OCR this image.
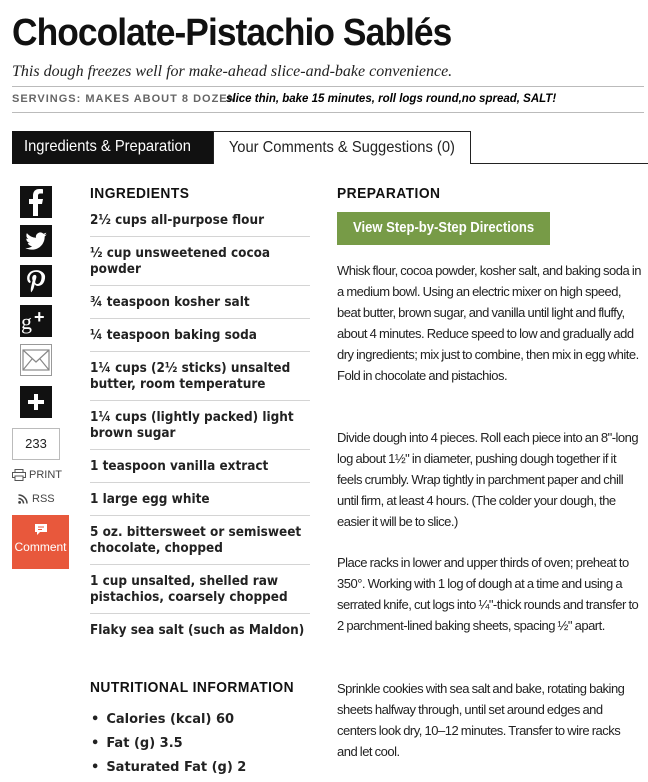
Chocolate-Pistachio Sablés
This dough freezes well for make-ahead slice-and-bake convenience.
SERVINGS: MAKES ABOUT 8 DOZEN
slice thin, bake 15 minutes, roll logs round,no spread, SALT!
Ingredients & Preparation	Your Comments & Suggestions (0)
g +
233
PRINT
RSS
Comment
INGREDIENTS
2½ cups all-purpose flour
½ cup unsweetened cocoa powder
¾ teaspoon kosher salt
¼ teaspoon baking soda
1¼ cups (2½ sticks) unsalted butter, room temperature
1¼ cups (lightly packed) light brown sugar
1 teaspoon vanilla extract
1 large egg white
5 oz. bittersweet or semisweet chocolate, chopped
1 cup unsalted, shelled raw pistachios, coarsely chopped
Flaky sea salt (such as Maldon)
NUTRITIONAL INFORMATION
• Calories (kcal) 60
• Fat (g) 3.5
• Saturated Fat (g) 2
PREPARATION
View Step-by-Step Directions

Whisk flour, cocoa powder, kosher salt, and baking soda in a medium bowl. Using an electric mixer on high speed, beat butter, brown sugar, and vanilla until light and fluffy, about 4 minutes. Reduce speed to low and gradually add dry ingredients; mix just to combine, then mix in egg white. Fold in chocolate and pistachios.

Divide dough into 4 pieces. Roll each piece into an 8"-long log about 1½" in diameter, pushing dough together if it feels crumbly. Wrap tightly in parchment paper and chill until firm, at least 4 hours. (The colder your dough, the easier it will be to slice.)

Place racks in lower and upper thirds of oven; preheat to 350°. Working with 1 log of dough at a time and using a serrated knife, cut logs into ¼"-thick rounds and transfer to 2 parchment-lined baking sheets, spacing ½" apart.

Sprinkle cookies with sea salt and bake, rotating baking sheets halfway through, until set around edges and centers look dry, 10–12 minutes. Transfer to wire racks and let cool.
